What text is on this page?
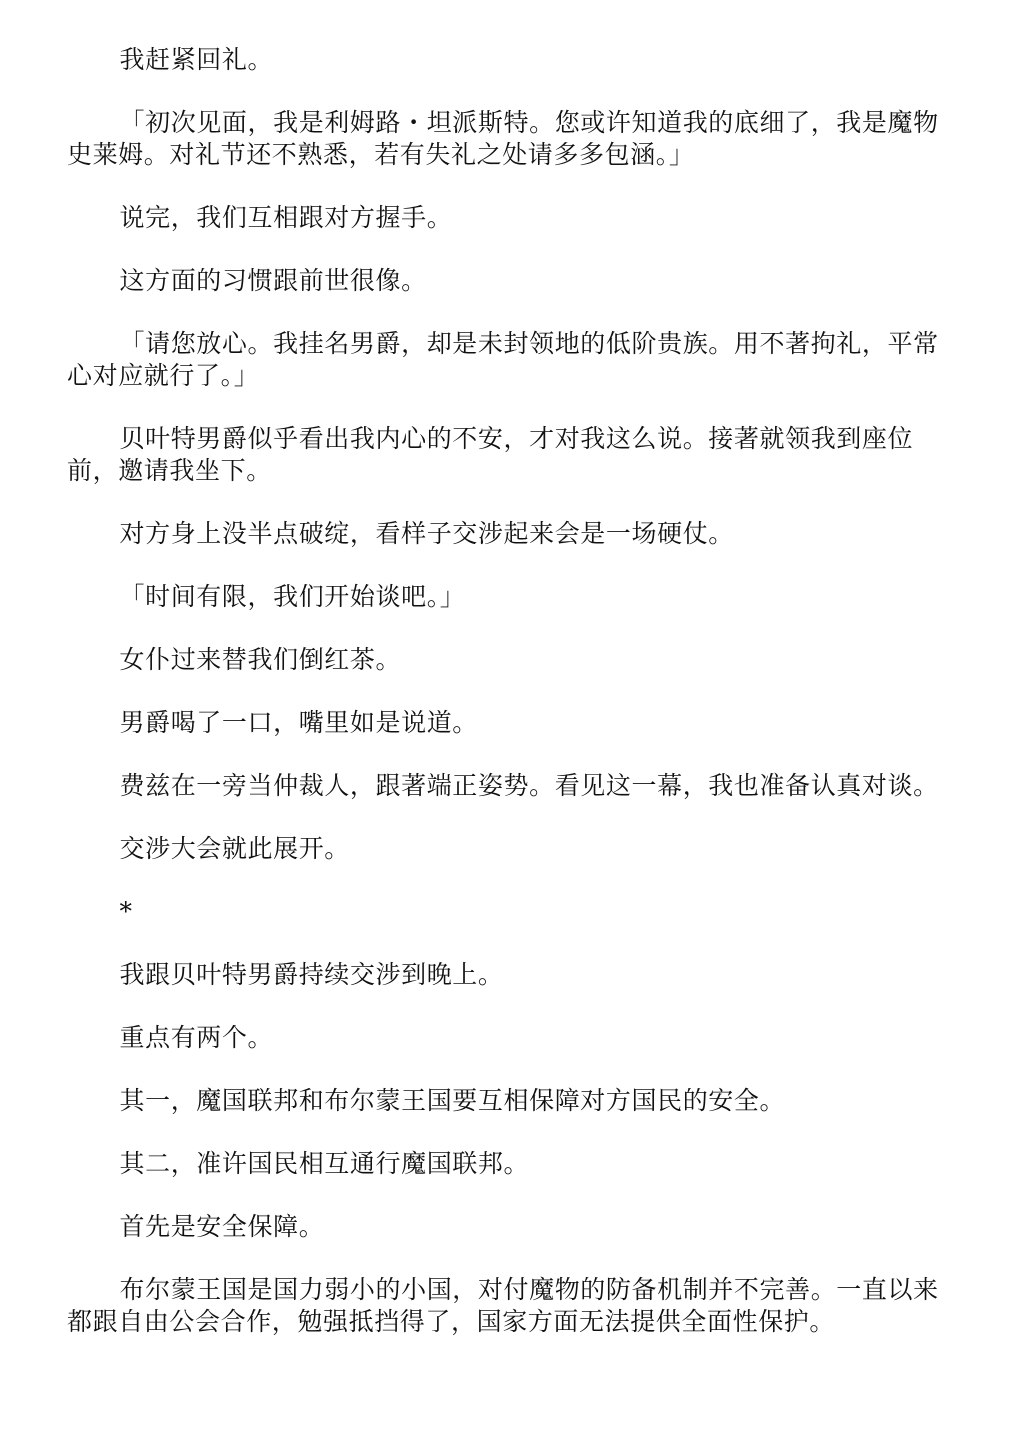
我赶紧回礼。

「初次见面，我是利姆路・坦派斯特。您或许知道我的底细了，我是魔物史莱姆。对礼节还不熟悉，若有失礼之处请多多包涵。」

说完，我们互相跟对方握手。

这方面的习惯跟前世很像。

「请您放心。我挂名男爵，却是未封领地的低阶贵族。用不著拘礼，平常心对应就行了。」

贝叶特男爵似乎看出我内心的不安，才对我这么说。接著就领我到座位前，邀请我坐下。

对方身上没半点破绽，看样子交涉起来会是一场硬仗。

「时间有限，我们开始谈吧。」

女仆过来替我们倒红茶。

男爵喝了一口，嘴里如是说道。

费兹在一旁当仲裁人，跟著端正姿势。看见这一幕，我也准备认真对谈。

交涉大会就此展开。

*

我跟贝叶特男爵持续交涉到晚上。

重点有两个。

其一，魔国联邦和布尔蒙王国要互相保障对方国民的安全。

其二，准许国民相互通行魔国联邦。

首先是安全保障。

布尔蒙王国是国力弱小的小国，对付魔物的防备机制并不完善。一直以来都跟自由公会合作，勉强抵挡得了，国家方面无法提供全面性保护。
